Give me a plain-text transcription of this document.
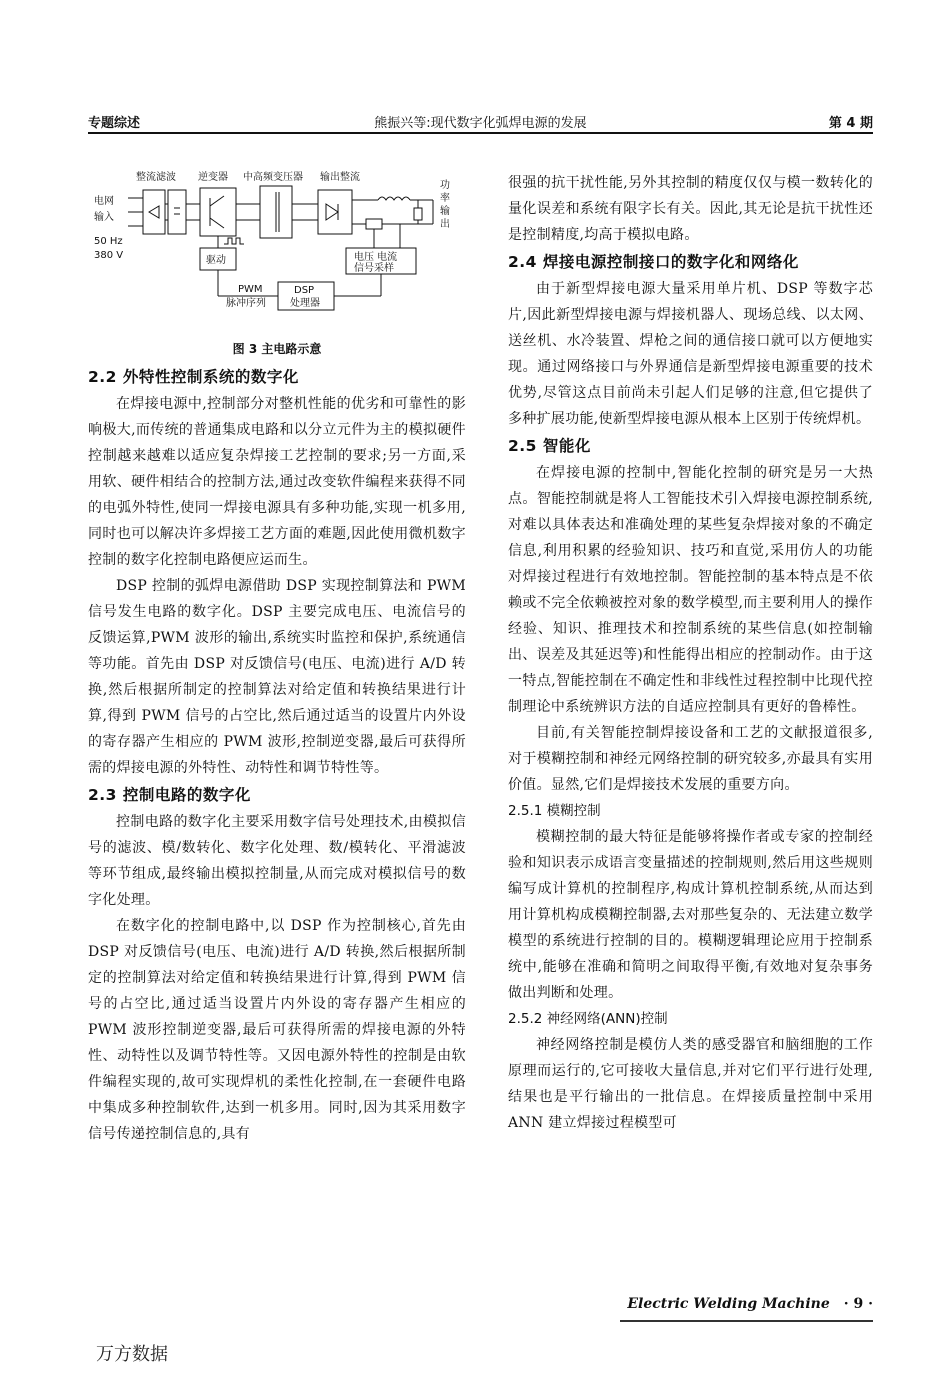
专题综述	熊振兴等:现代数字化弧焊电源的发展	第 4 期
整流滤波 逆变器 中高频变压器 输出整流
电网
输入
50 Hz
380 V	驱动	电压 电流
信号采样
PWM
脉冲序列
DSP
处理器
功
率
输
出
图 3 主电路示意
2.2 外特性控制系统的数字化

在焊接电源中,控制部分对整机性能的优劣和可靠性的影响极大,而传统的普通集成电路和以分立元件为主的模拟硬件控制越来越难以适应复杂焊接工艺控制的要求;另一方面,采用软、硬件相结合的控制方法,通过改变软件编程来获得不同的电弧外特性,使同一焊接电源具有多种功能,实现一机多用,同时也可以解决许多焊接工艺方面的难题,因此使用微机数字控制的数字化控制电路便应运而生。

DSP 控制的弧焊电源借助 DSP 实现控制算法和 PWM 信号发生电路的数字化。DSP 主要完成电压、电流信号的反馈运算,PWM 波形的输出,系统实时监控和保护,系统通信等功能。首先由 DSP 对反馈信号(电压、电流)进行 A/D 转换,然后根据所制定的控制算法对给定值和转换结果进行计算,得到 PWM 信号的占空比,然后通过适当的设置片内外设的寄存器产生相应的 PWM 波形,控制逆变器,最后可获得所需的焊接电源的外特性、动特性和调节特性等。

2.3 控制电路的数字化

控制电路的数字化主要采用数字信号处理技术,由模拟信号的滤波、模/数转化、数字化处理、数/模转化、平滑滤波等环节组成,最终输出模拟控制量,从而完成对模拟信号的数字化处理。

在数字化的控制电路中,以 DSP 作为控制核心,首先由 DSP 对反馈信号(电压、电流)进行 A/D 转换,然后根据所制定的控制算法对给定值和转换结果进行计算,得到 PWM 信号的占空比,通过适当设置片内外设的寄存器产生相应的 PWM 波形控制逆变器,最后可获得所需的焊接电源的外特性、动特性以及调节特性等。又因电源外特性的控制是由软件编程实现的,故可实现焊机的柔性化控制,在一套硬件电路中集成多种控制软件,达到一机多用。同时,因为其采用数字信号传递控制信息的,具有

很强的抗干扰性能,另外其控制的精度仅仅与模一数转化的量化误差和系统有限字长有关。因此,其无论是抗干扰性还是控制精度,均高于模拟电路。

2.4 焊接电源控制接口的数字化和网络化

由于新型焊接电源大量采用单片机、DSP 等数字芯片,因此新型焊接电源与焊接机器人、现场总线、以太网、送丝机、水冷装置、焊枪之间的通信接口就可以方便地实现。通过网络接口与外界通信是新型焊接电源重要的技术优势,尽管这点目前尚未引起人们足够的注意,但它提供了多种扩展功能,使新型焊接电源从根本上区别于传统焊机。

2.5 智能化

在焊接电源的控制中,智能化控制的研究是另一大热点。智能控制就是将人工智能技术引入焊接电源控制系统,对难以具体表达和准确处理的某些复杂焊接对象的不确定信息,利用积累的经验知识、技巧和直觉,采用仿人的功能对焊接过程进行有效地控制。智能控制的基本特点是不依赖或不完全依赖被控对象的数学模型,而主要利用人的操作经验、知识、推理技术和控制系统的某些信息(如控制输出、误差及其延迟等)和性能得出相应的控制动作。由于这一特点,智能控制在不确定性和非线性过程控制中比现代控制理论中系统辨识方法的自适应控制具有更好的鲁棒性。

目前,有关智能控制焊接设备和工艺的文献报道很多,对于模糊控制和神经元网络控制的研究较多,亦最具有实用价值。显然,它们是焊接技术发展的重要方向。

2.5.1 模糊控制

模糊控制的最大特征是能够将操作者或专家的控制经验和知识表示成语言变量描述的控制规则,然后用这些规则编写成计算机的控制程序,构成计算机控制系统,从而达到用计算机构成模糊控制器,去对那些复杂的、无法建立数学模型的系统进行控制的目的。模糊逻辑理论应用于控制系统中,能够在准确和简明之间取得平衡,有效地对复杂事务做出判断和处理。

2.5.2 神经网络(ANN)控制

神经网络控制是模仿人类的感受器官和脑细胞的工作原理而运行的,它可接收大量信息,并对它们平行进行处理,结果也是平行输出的一批信息。在焊接质量控制中采用 ANN 建立焊接过程模型可

Electric Welding Machine · 9 ·
万方数据
